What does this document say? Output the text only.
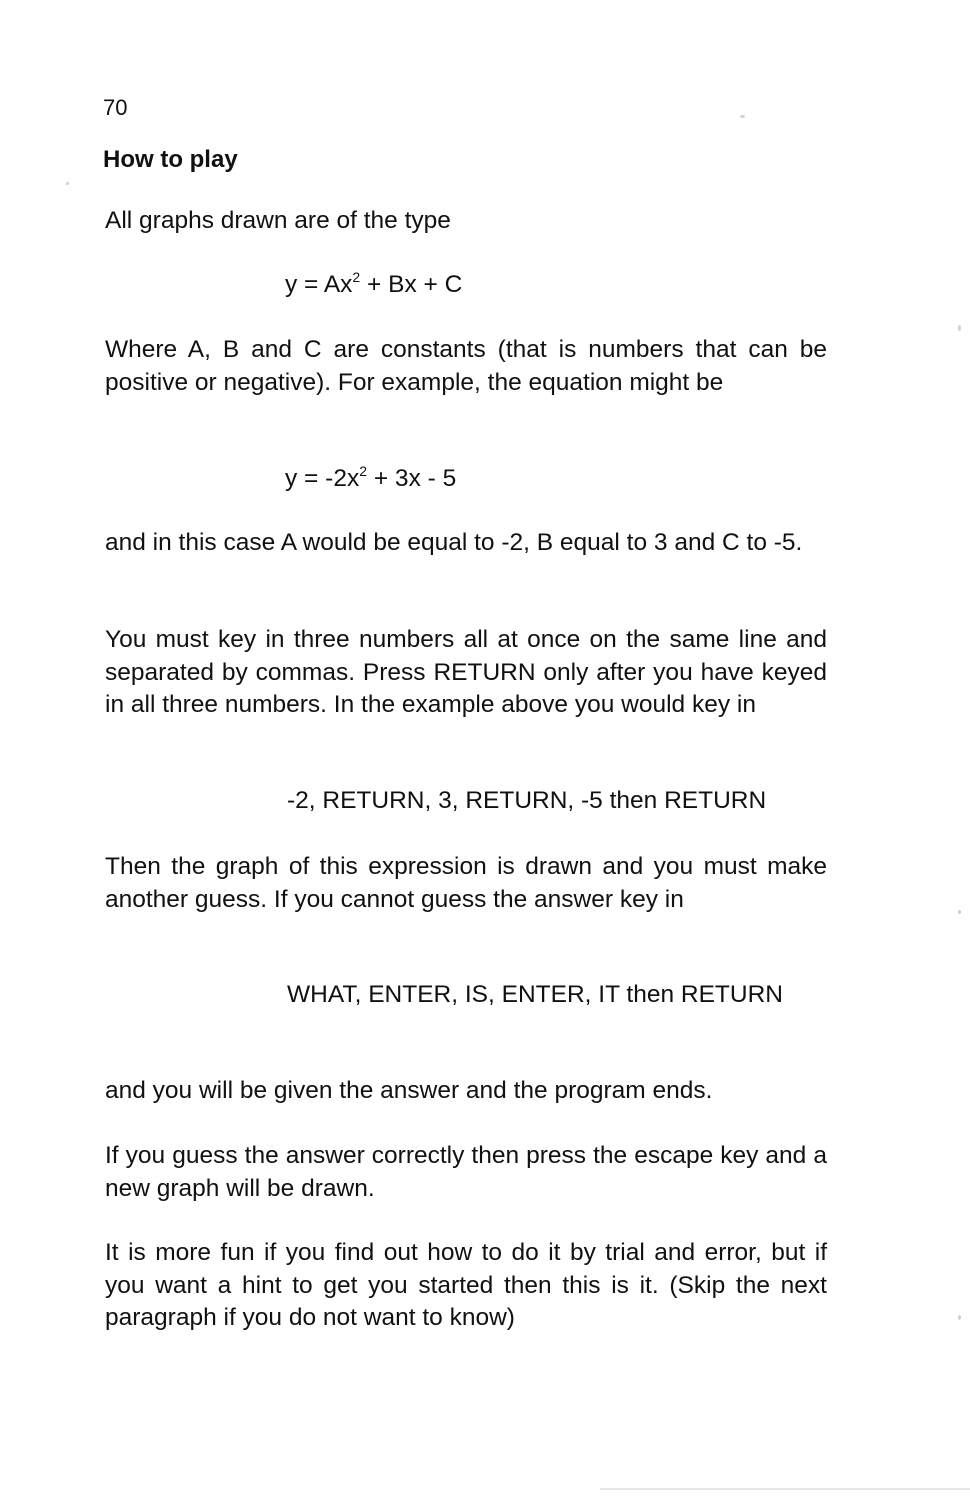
70
How to play

All graphs drawn are of the type

$y = Ax^2 + Bx + C$

Where A, B and C are constants (that is numbers that can be positive or negative). For example, the equation might be

$y = -2x^2 + 3x - 5$

and in this case A would be equal to -2, B equal to 3 and C to -5.

You must key in three numbers all at once on the same line and separated by commas. Press RETURN only after you have keyed in all three numbers. In the example above you would key in

-2, RETURN, 3, RETURN, -5 then RETURN

Then the graph of this expression is drawn and you must make another guess. If you cannot guess the answer key in

WHAT, ENTER, IS, ENTER, IT then RETURN

and you will be given the answer and the program ends.

If you guess the answer correctly then press the escape key and a new graph will be drawn.

It is more fun if you find out how to do it by trial and error, but if you want a hint to get you started then this is it. (Skip the next paragraph if you do not want to know)
